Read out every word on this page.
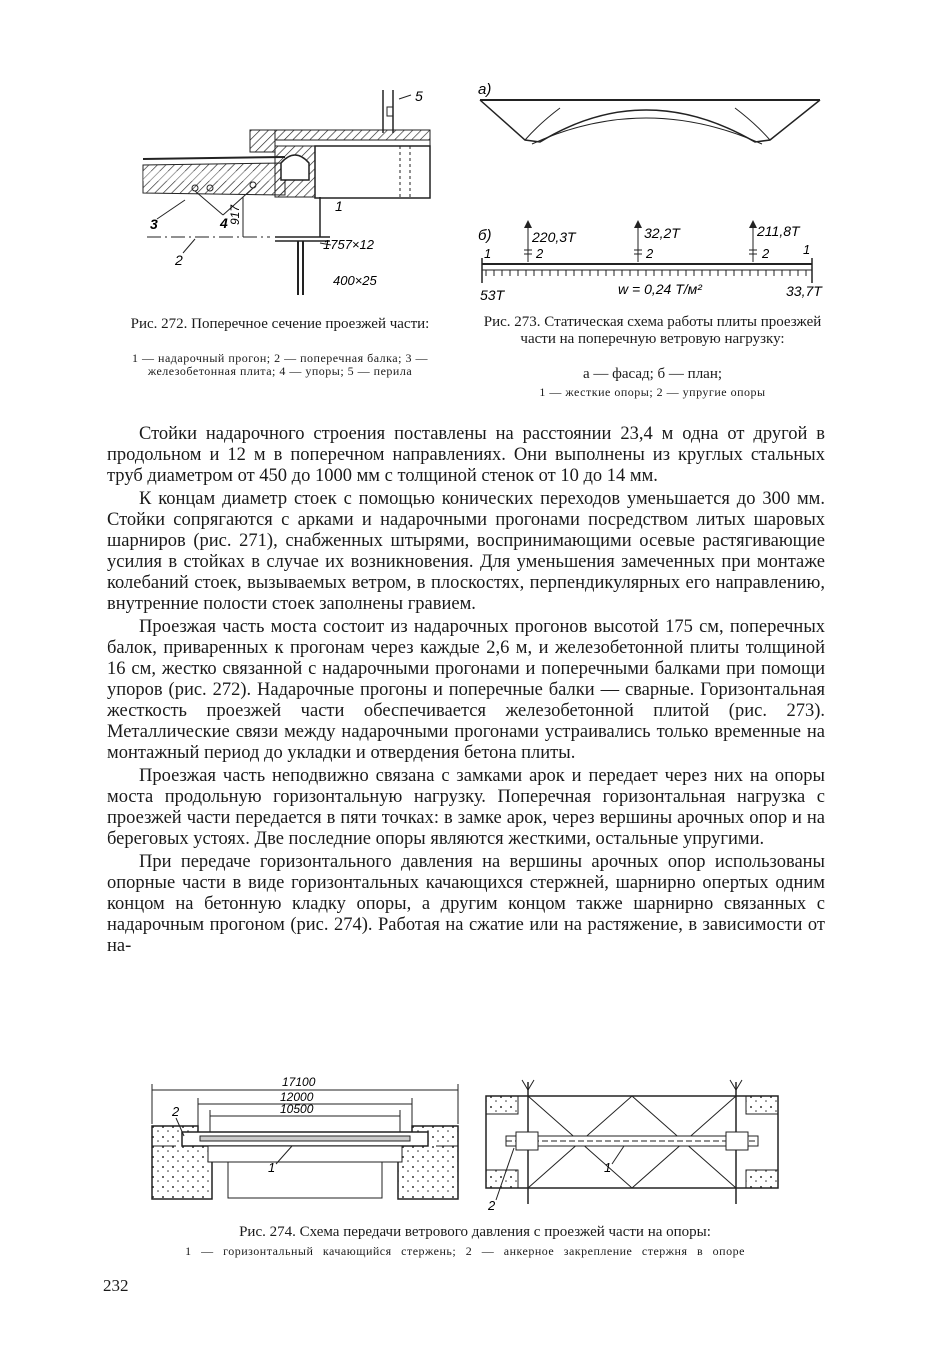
5
1
3	4
2
917
1757×12
400×25
Рис. 272. Поперечное сечение проезжей части:
1 — надарочный прогон; 2 — поперечная балка; 3 — железобетонная плита; 4 — упоры; 5 — перила
а)
б)	220,3Т	32,2Т	211,8Т
2	2	2
1	1
53Т	w = 0,24 Т/м²	33,7Т
Рис. 273. Статическая схема работы плиты проезжей части на поперечную ветровую нагрузку:
а — фасад; б — план;
1 — жесткие опоры; 2 — упругие опоры

Стойки надарочного строения поставлены на расстоянии 23,4 м одна от другой в продольном и 12 м в поперечном направлениях. Они выполнены из круглых стальных труб диаметром от 450 до 1000 мм с толщиной стенок от 10 до 14 мм.

К концам диаметр стоек с помощью конических переходов уменьшается до 300 мм. Стойки сопрягаются с арками и надарочными прогонами посредством литых шаровых шарниров (рис. 271), снабженных штырями, воспринимающими осевые растягивающие усилия в стойках в случае их возникновения. Для уменьшения замеченных при монтаже колебаний стоек, вызываемых ветром, в плоскостях, перпендикулярных его направлению, внутренние полости стоек заполнены гравием.

Проезжая часть моста состоит из надарочных прогонов высотой 175 см, поперечных балок, приваренных к прогонам через каждые 2,6 м, и железобетонной плиты толщиной 16 см, жестко связанной с надарочными прогонами и поперечными балками при помощи упоров (рис. 272). Надарочные прогоны и поперечные балки — сварные. Горизонтальная жесткость проезжей части обеспечивается железобетонной плитой (рис. 273). Металлические связи между надарочными прогонами устраивались только временные на монтажный период до укладки и отвердения бетона плиты.

Проезжая часть неподвижно связана с замками арок и передает через них на опоры моста продольную горизонтальную нагрузку. Поперечная горизонтальная нагрузка с проезжей части передается в пяти точках: в замке арок, через вершины арочных опор и на береговых устоях. Две последние опоры являются жесткими, остальные упругими.

При передаче горизонтального давления на вершины арочных опор использованы опорные части в виде горизонтальных качающихся стержней, шарнирно опертых одним концом на бетонную кладку опоры, а другим концом также шарнирно связанных с надарочным прогоном (рис. 274). Работая на сжатие или на растяжение, в зависимости от на-

17100
12000
10500
2
1	1
2
Рис. 274. Схема передачи ветрового давления с проезжей части на опоры:
1 — горизонтальный качающийся стержень; 2 — анкерное закрепление стержня в опоре
232
